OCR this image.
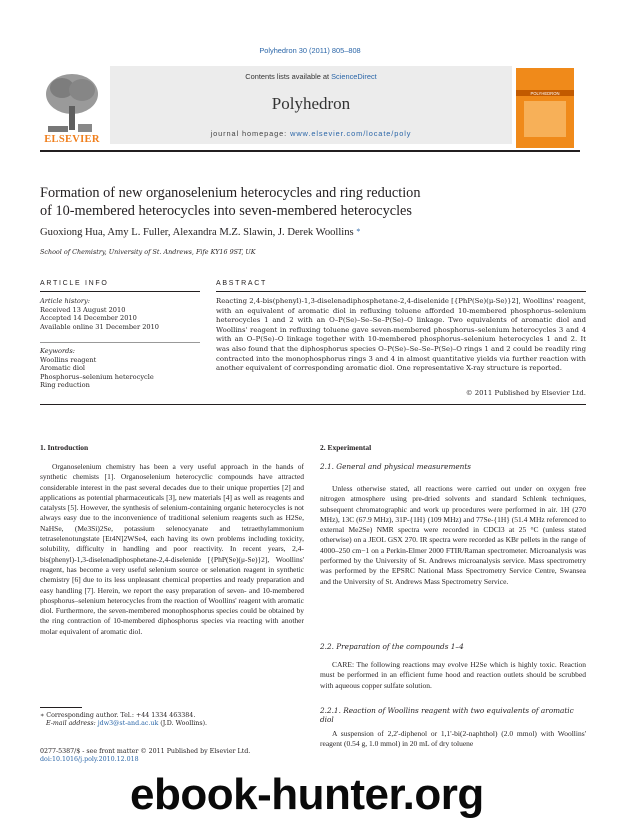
Polyhedron 30 (2011) 805–808
ELSEVIER
Contents lists available at ScienceDirect
Polyhedron
journal homepage: www.elsevier.com/locate/poly
POLYHEDRON
Formation of new organoselenium heterocycles and ring reduction
of 10-membered heterocycles into seven-membered heterocycles
Guoxiong Hua, Amy L. Fuller, Alexandra M.Z. Slawin, J. Derek Woollins *
School of Chemistry, University of St. Andrews, Fife KY16 9ST, UK
ARTICLE INFO	ABSTRACT
Article history:
Received 13 August 2010
Accepted 14 December 2010
Available online 31 December 2010
Keywords:
Woollins reagent
Aromatic diol
Phosphorus–selenium heterocycle
Ring reduction
Reacting 2,4-bis(phenyl)-1,3-diselenadiphosphetane-2,4-diselenide [{PhP(Se)(μ-Se)}2], Woollins' reagent, with an equivalent of aromatic diol in refluxing toluene afforded 10-membered phosphorus–selenium heterocycles 1 and 2 with an O–P(Se)–Se–Se–P(Se)–O linkage. Two equivalents of aromatic diol and Woollins' reagent in refluxing toluene gave seven-membered phosphorus–selenium heterocycles 3 and 4 with an O–P(Se)–O linkage together with 10-membered phosphorus–selenium heterocycles 1 and 2. It was also found that the diphosphorus species O–P(Se)–Se–Se–P(Se)–O rings 1 and 2 could be readily ring contracted into the monophosphorus rings 3 and 4 in almost quantitative yields via further reaction with another equivalent of corresponding aromatic diol. One representative X-ray structure is reported.
© 2011 Published by Elsevier Ltd.
1. Introduction
Organoselenium chemistry has been a very useful approach in the hands of synthetic chemists [1]. Organoselenium heterocyclic compounds have attracted considerable interest in the past several decades due to their unique properties [2] and applications as potential pharmaceuticals [3], new materials [4] as well as reagents and catalysts [5]. However, the synthesis of selenium-containing organic heterocycles is not always easy due to the inconvenience of traditional selenium reagents such as H2Se, NaHSe, (Me3Si)2Se, potassium selenocyanate and tetraethylammonium tetraselenotungstate [Et4N]2WSe4, each having its own problems including toxicity, solubility, difficulty in handling and poor reactivity. In recent years, 2,4-bis(phenyl)-1,3-diselenadiphosphetane-2,4-diselenide [{PhP(Se)(μ-Se)}2], Woollins' reagent, has become a very useful selenium source or selenation reagent in synthetic chemistry [6] due to its less unpleasant chemical properties and ready preparation and easy handling [7]. Herein, we report the easy preparation of seven- and 10-membered phosphorus–selenium heterocycles from the reaction of Woollins' reagent with aromatic diol. Furthermore, the seven-membered monophosphorus species could be obtained by the ring contraction of 10-membered diphosphorus species via reacting with another molar equivalent of aromatic diol.
∗ Corresponding author. Tel.: +44 1334 463384.
E-mail address: jdw3@st-and.ac.uk (J.D. Woollins).
0277-5387/$ - see front matter © 2011 Published by Elsevier Ltd.
doi:10.1016/j.poly.2010.12.018
2. Experimental
2.1. General and physical measurements
Unless otherwise stated, all reactions were carried out under on oxygen free nitrogen atmosphere using pre-dried solvents and standard Schlenk techniques, subsequent chromatographic and work up procedures were performed in air. 1H (270 MHz), 13C (67.9 MHz), 31P-{1H} (109 MHz) and 77Se-{1H} (51.4 MHz referenced to external Me2Se) NMR spectra were recorded in CDCl3 at 25 °C (unless stated otherwise) on a JEOL GSX 270. IR spectra were recorded as KBr pellets in the range of 4000–250 cm−1 on a Perkin-Elmer 2000 FTIR/Raman spectrometer. Microanalysis was performed by the University of St. Andrews microanalysis service. Mass spectrometry was performed by the EPSRC National Mass Spectrometry Service Centre, Swansea and the University of St. Andrews Mass Spectrometry Service.
2.2. Preparation of the compounds 1–4
CARE: The following reactions may evolve H2Se which is highly toxic. Reaction must be performed in an efficient fume hood and reaction outlets should be scrubbed with aqueous copper sulfate solution.
2.2.1. Reaction of Woollins reagent with two equivalents of aromatic diol
A suspension of 2,2'-diphenol or 1,1'-bi(2-naphthol) (2.0 mmol) with Woollins' reagent (0.54 g, 1.0 mmol) in 20 mL of dry toluene
ebook-hunter.org
